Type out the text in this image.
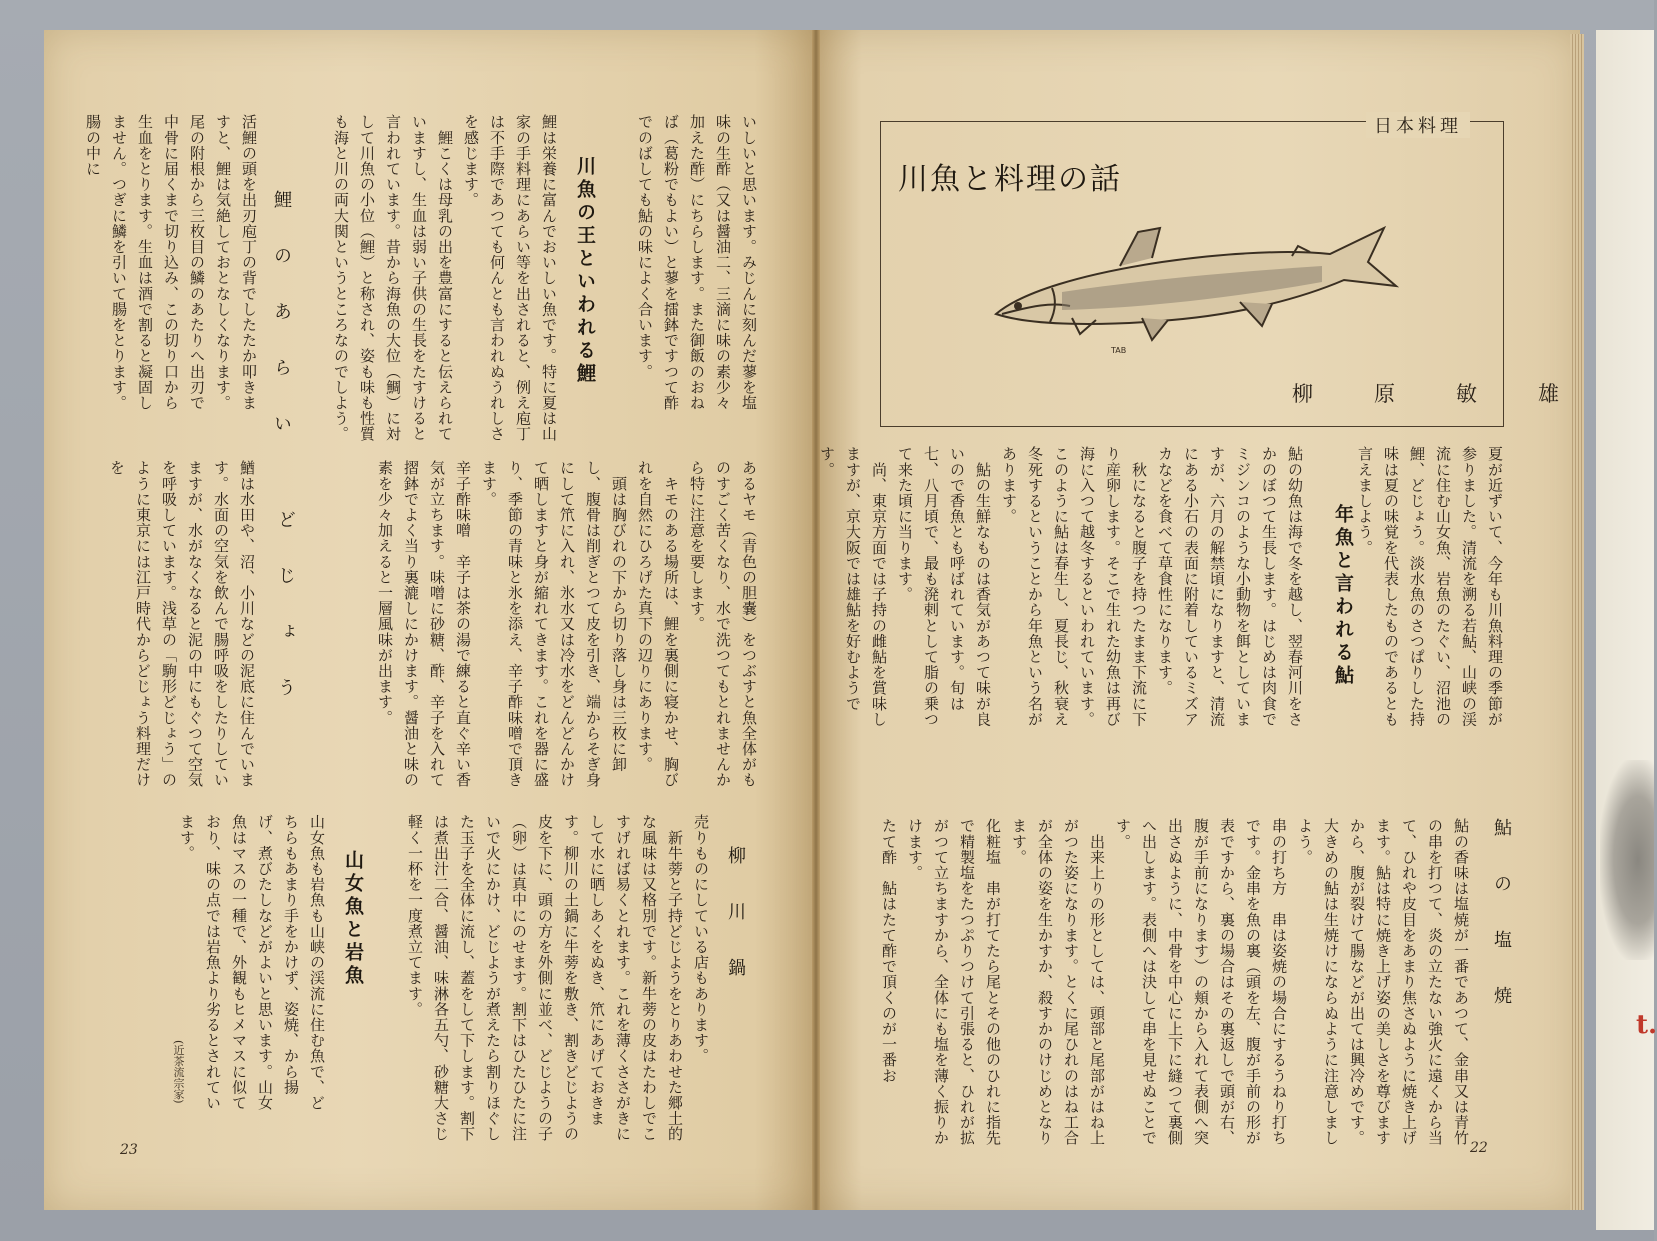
t.
日本料理
川魚と料理の話
TAB
柳　原　敏　雄
夏が近ずいて、今年も川魚料理の季節が参りました。清流を溯る若鮎、山峡の渓流に住む山女魚、岩魚のたぐい、沼池の鯉、どじょう。淡水魚のさつぱりした持味は夏の味覚を代表したものであるとも言えましよう。
年魚と言われる鮎
鮎の幼魚は海で冬を越し、翌春河川をさかのぼつて生長します。はじめは肉食でミジンコのような小動物を餌としていますが、六月の解禁頃になりますと、清流にある小石の表面に附着しているミズアカなどを食べて草食性になります。
　秋になると腹子を持つたまま下流に下り産卵します。そこで生れた幼魚は再び海に入つて越冬するといわれています。このように鮎は春生し、夏長じ、秋衰え冬死するということから年魚という名があります。
　鮎の生鮮なものは香気があつて味が良いので香魚とも呼ばれています。旬は七、八月頃で、最も溌剌として脂の乗つて来た頃に当ります。
　尚、東京方面では子持の雌鮎を賞味しますが、京大阪では雄鮎を好むようです。
鮎　の　塩　焼
鮎の香味は塩焼が一番であつて、金串又は青竹の串を打つて、炎の立たない強火に遠くから当て、ひれや皮目をあまり焦さぬように焼き上げます。鮎は特に焼き上げ姿の美しさを尊びますから、腹が裂けて腸などが出ては興冷めです。大きめの鮎は生焼けにならぬように注意しましよう。
串の打ち方　串は姿焼の場合にするうねり打ちです。金串を魚の裏（頭を左、腹が手前の形が表ですから、裏の場合はその裏返しで頭が右、腹が手前になります）の頬から入れて表側へ突出さぬように、中骨を中心に上下に縫つて裏側へ出します。表側へは決して串を見せぬことです。
　出来上りの形としては、頭部と尾部がはね上がつた姿になります。とくに尾ひれのはね工合が全体の姿を生かすか、殺すかのけじめとなります。
化粧塩　串が打てたら尾とその他のひれに指先で精製塩をたつぷりつけて引張ると、ひれが拡がつて立ちますから、全体にも塩を薄く振りかけます。
たて酢　鮎はたて酢で頂くのが一番お
22
いしいと思います。みじんに刻んだ蓼を塩味の生酢（又は醤油二、三滴に味の素少々加えた酢）にちらします。また御飯のおねば（葛粉でもよい）と蓼を擂鉢ですつて酢でのばしても鮎の味によく合います。
川魚の王といわれる鯉
鯉は栄養に富んでおいしい魚です。特に夏は山家の手料理にあらい等を出されると、例え庖丁は不手際であつても何んとも言われぬうれしさを感じます。
　鯉こくは母乳の出を豊富にすると伝えられていますし、生血は弱い子供の生長をたすけると言われています。昔から海魚の大位（鯛）に対して川魚の小位（鯉）と称され、姿も味も性質も海と川の両大関というところなのでしよう。
鯉　の　あ　ら　い
活鯉の頭を出刃庖丁の背でしたたか叩きますと、鯉は気絶しておとなしくなります。尾の附根から三枚目の鱗のあたりへ出刃で中骨に届くまで切り込み、この切り口から生血をとります。生血は酒で割ると凝固しません。つぎに鱗を引いて腸をとります。腸の中に
あるヤモ（青色の胆嚢）をつぶすと魚全体がものすごく苦くなり、水で洗つてもとれませんから特に注意を要します。
　キモのある場所は、鯉を裏側に寝かせ、胸びれを自然にひろげた真下の辺りにあります。
　頭は胸びれの下から切り落し身は三枚に卸し、腹骨は削ぎとつて皮を引き、端からそぎ身にして笊に入れ、氷水又は冷水をどんどんかけて晒しますと身が縮れてきます。これを器に盛り、季節の青味と氷を添え、辛子酢味噌で頂きます。
辛子酢味噌　辛子は茶の湯で練ると直ぐ辛い香気が立ちます。味噌に砂糖、酢、辛子を入れて摺鉢でよく当り裏漉しにかけます。醤油と味の素を少々加えると一層風味が出ます。
ど　じ　ょ　う
鰌は水田や、沼、小川などの泥底に住んでいます。水面の空気を飲んで腸呼吸をしたりしていますが、水がなくなると泥の中にもぐつて空気を呼吸しています。浅草の「駒形どじょう」のように東京には江戸時代からどじょう料理だけを
柳　川　鍋
売りものにしている店もあります。
　新牛蒡と子持どじようをとりあわせた郷土的な風味は又格別です。新牛蒡の皮はたわしでこすげれば易くとれます。これを薄くささがきにして水に晒しあくをぬき、笊にあげておきます。柳川の土鍋に牛蒡を敷き、割きどじようの皮を下に、頭の方を外側に並べ、どじようの子（卵）は真中にのせます。割下はひたひたに注いで火にかけ、どじようが煮えたら割りほぐした玉子を全体に流し、蓋をして下します。割下は煮出汁二合、醤油、味淋各五勺、砂糖大さじ軽く一杯を一度煮立てます。
山女魚と岩魚
山女魚も岩魚も山峡の渓流に住む魚で、どちらもあまり手をかけず、姿焼、から揚げ、煮びたしなどがよいと思います。山女魚はマスの一種で、外観もヒメマスに似ており、味の点では岩魚より劣るとされています。
(近茶流宗家)
23
